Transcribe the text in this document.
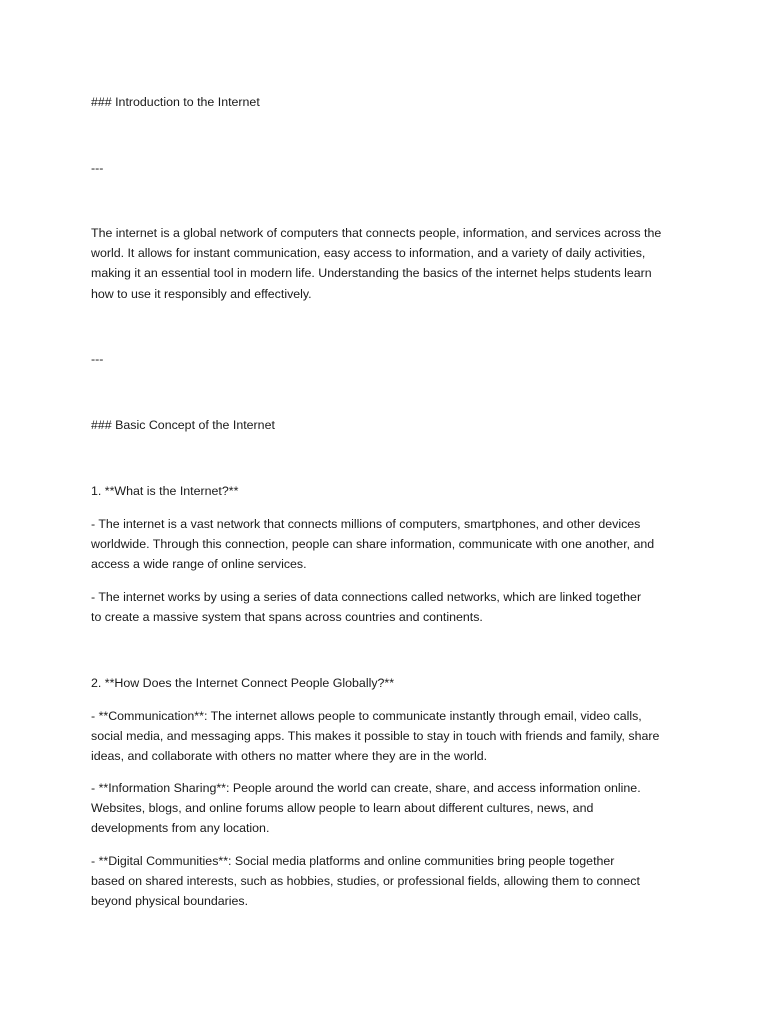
### Introduction to the Internet
---
The internet is a global network of computers that connects people, information, and services across the
world. It allows for instant communication, easy access to information, and a variety of daily activities,
making it an essential tool in modern life. Understanding the basics of the internet helps students learn
how to use it responsibly and effectively.
---
### Basic Concept of the Internet
1. **What is the Internet?**
- The internet is a vast network that connects millions of computers, smartphones, and other devices
worldwide. Through this connection, people can share information, communicate with one another, and
access a wide range of online services.
- The internet works by using a series of data connections called networks, which are linked together
to create a massive system that spans across countries and continents.
2. **How Does the Internet Connect People Globally?**
- **Communication**: The internet allows people to communicate instantly through email, video calls,
social media, and messaging apps. This makes it possible to stay in touch with friends and family, share
ideas, and collaborate with others no matter where they are in the world.
- **Information Sharing**: People around the world can create, share, and access information online.
Websites, blogs, and online forums allow people to learn about different cultures, news, and
developments from any location.
- **Digital Communities**: Social media platforms and online communities bring people together
based on shared interests, such as hobbies, studies, or professional fields, allowing them to connect
beyond physical boundaries.
